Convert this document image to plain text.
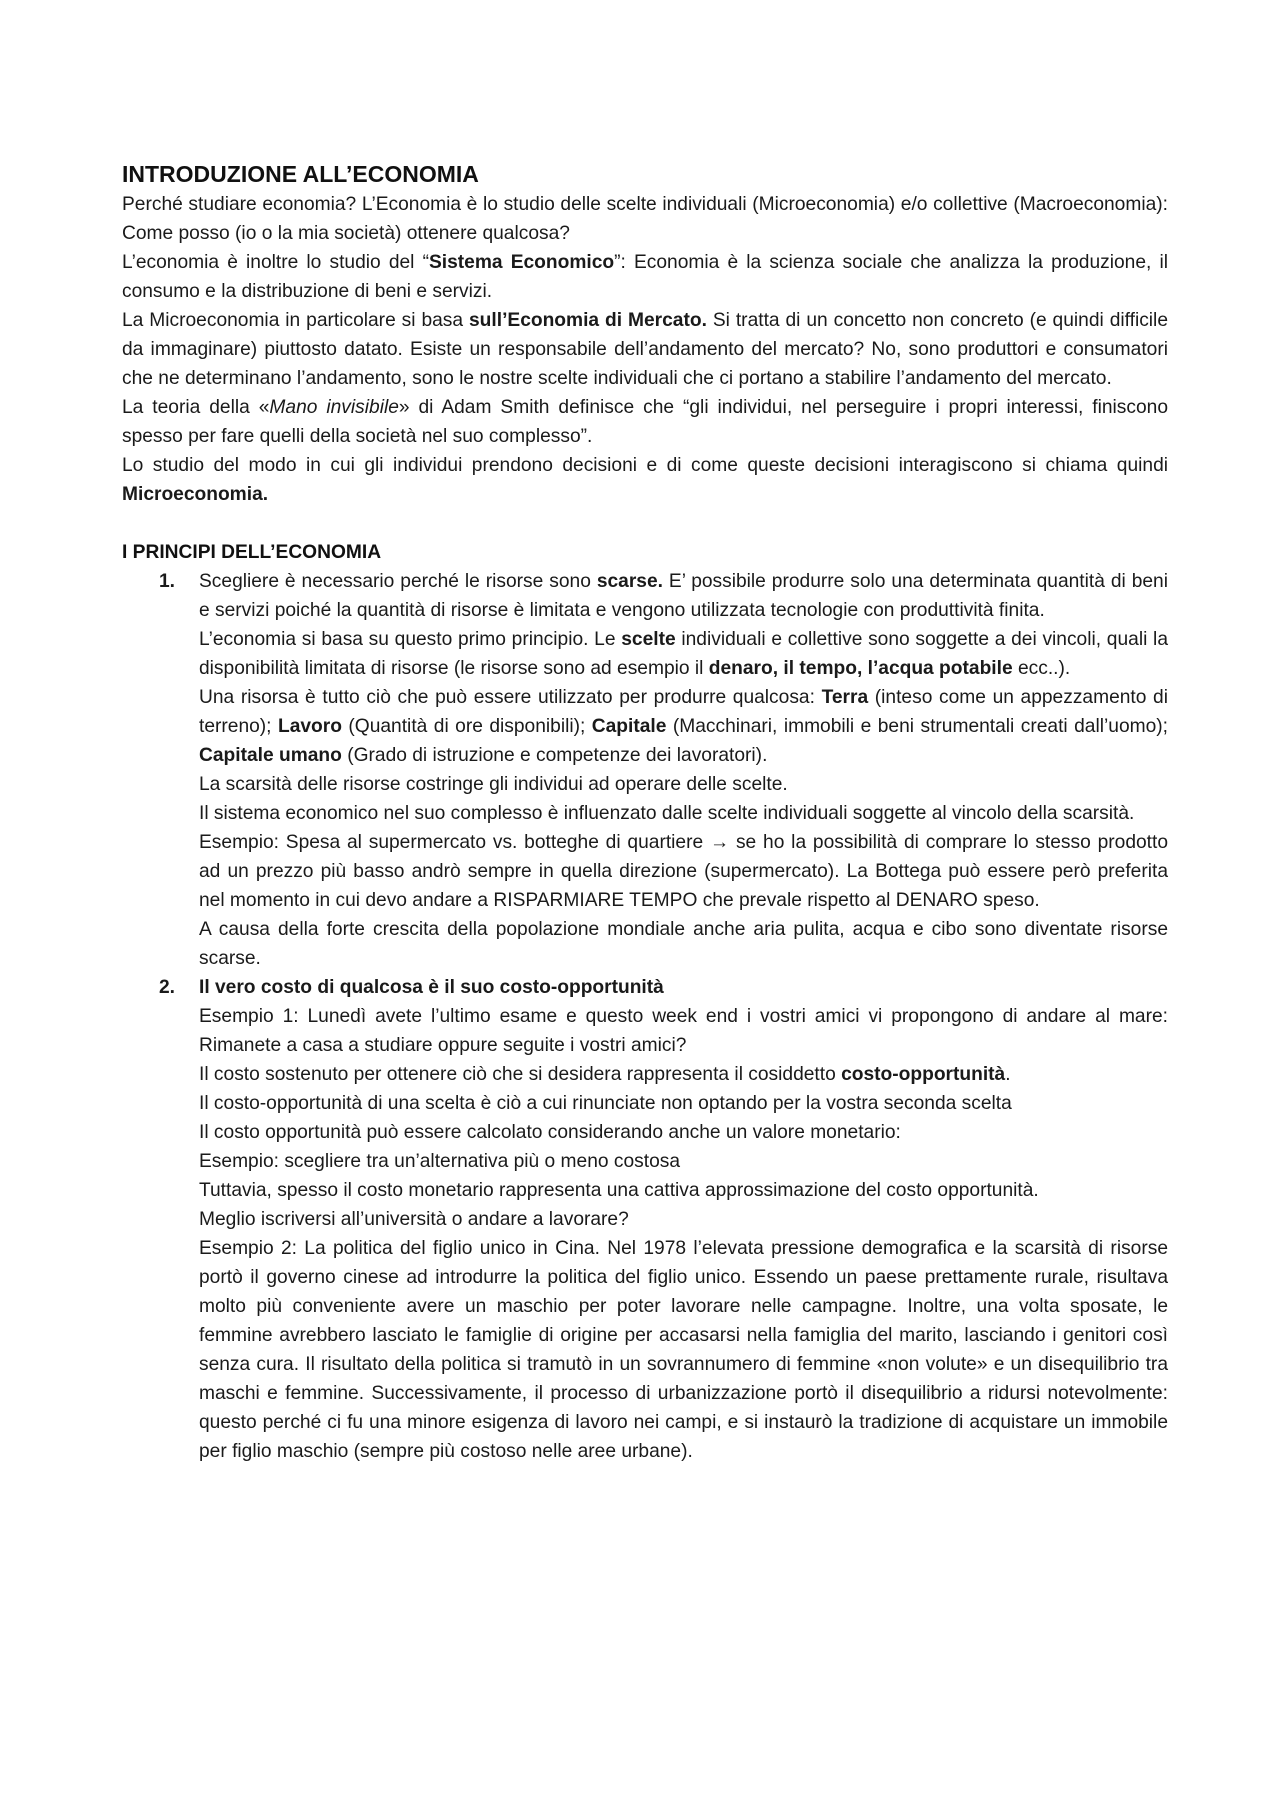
INTRODUZIONE ALL’ECONOMIA

Perché studiare economia? L’Economia è lo studio delle scelte individuali (Microeconomia) e/o collettive (Macroeconomia): Come posso (io o la mia società) ottenere qualcosa?

L’economia è inoltre lo studio del “Sistema Economico”: Economia è la scienza sociale che analizza la produzione, il consumo e la distribuzione di beni e servizi.

La Microeconomia in particolare si basa sull’Economia di Mercato. Si tratta di un concetto non concreto (e quindi difficile da immaginare) piuttosto datato. Esiste un responsabile dell’andamento del mercato? No, sono produttori e consumatori che ne determinano l’andamento, sono le nostre scelte individuali che ci portano a stabilire l’andamento del mercato.

La teoria della «Mano invisibile» di Adam Smith definisce che “gli individui, nel perseguire i propri interessi, finiscono spesso per fare quelli della società nel suo complesso”.

Lo studio del modo in cui gli individui prendono decisioni e di come queste decisioni interagiscono si chiama quindi Microeconomia.

I PRINCIPI DELL’ECONOMIA
1. Scegliere è necessario perché le risorse sono scarse. E’ possibile produrre solo una determinata quantità di beni e servizi poiché la quantità di risorse è limitata e vengono utilizzata tecnologie con produttività finita.

L’economia si basa su questo primo principio. Le scelte individuali e collettive sono soggette a dei vincoli, quali la disponibilità limitata di risorse (le risorse sono ad esempio il denaro, il tempo, l’acqua potabile ecc..).

Una risorsa è tutto ciò che può essere utilizzato per produrre qualcosa: Terra (inteso come un appezzamento di terreno); Lavoro (Quantità di ore disponibili); Capitale (Macchinari, immobili e beni strumentali creati dall’uomo); Capitale umano (Grado di istruzione e competenze dei lavoratori).

La scarsità delle risorse costringe gli individui ad operare delle scelte.

Il sistema economico nel suo complesso è influenzato dalle scelte individuali soggette al vincolo della scarsità.

Esempio: Spesa al supermercato vs. botteghe di quartiere → se ho la possibilità di comprare lo stesso prodotto ad un prezzo più basso andrò sempre in quella direzione (supermercato). La Bottega può essere però preferita nel momento in cui devo andare a RISPARMIARE TEMPO che prevale rispetto al DENARO speso.

A causa della forte crescita della popolazione mondiale anche aria pulita, acqua e cibo sono diventate risorse scarse.

2. Il vero costo di qualcosa è il suo costo-opportunità

Esempio 1: Lunedì avete l’ultimo esame e questo week end i vostri amici vi propongono di andare al mare: Rimanete a casa a studiare oppure seguite i vostri amici?

Il costo sostenuto per ottenere ciò che si desidera rappresenta il cosiddetto costo-opportunità.

Il costo-opportunità di una scelta è ciò a cui rinunciate non optando per la vostra seconda scelta

Il costo opportunità può essere calcolato considerando anche un valore monetario:

Esempio: scegliere tra un’alternativa più o meno costosa

Tuttavia, spesso il costo monetario rappresenta una cattiva approssimazione del costo opportunità.

Meglio iscriversi all’università o andare a lavorare?

Esempio 2: La politica del figlio unico in Cina. Nel 1978 l’elevata pressione demografica e la scarsità di risorse portò il governo cinese ad introdurre la politica del figlio unico. Essendo un paese prettamente rurale, risultava molto più conveniente avere un maschio per poter lavorare nelle campagne. Inoltre, una volta sposate, le femmine avrebbero lasciato le famiglie di origine per accasarsi nella famiglia del marito, lasciando i genitori così senza cura. Il risultato della politica si tramutò in un sovrannumero di femmine «non volute» e un disequilibrio tra maschi e femmine. Successivamente, il processo di urbanizzazione portò il disequilibrio a ridursi notevolmente: questo perché ci fu una minore esigenza di lavoro nei campi, e si instaurò la tradizione di acquistare un immobile per figlio maschio (sempre più costoso nelle aree urbane).
